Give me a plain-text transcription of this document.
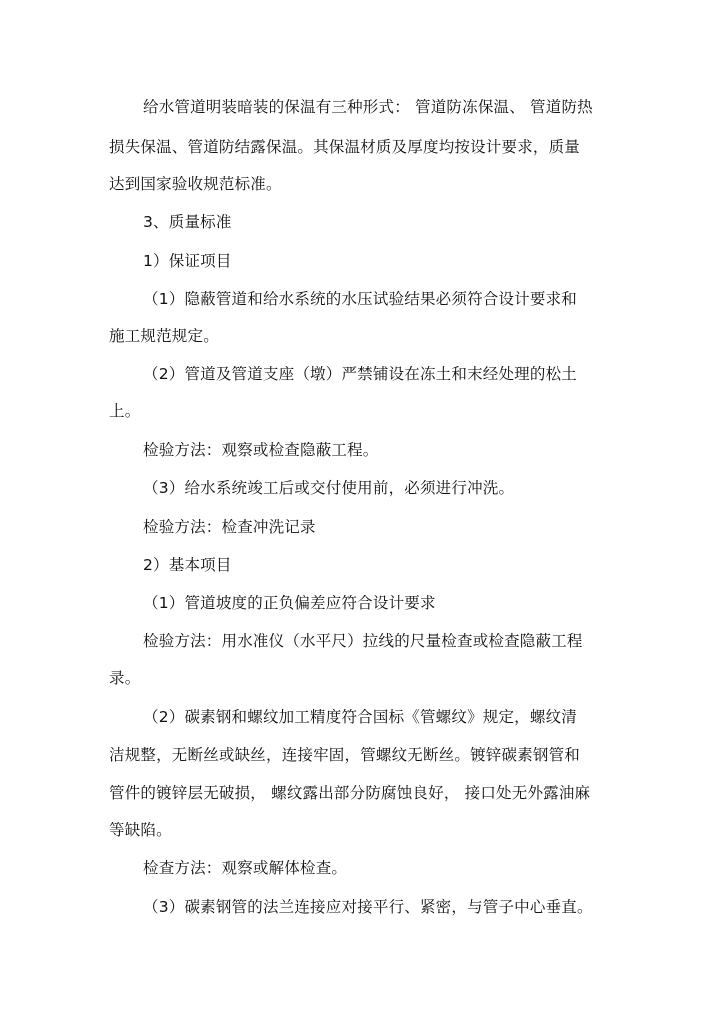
给水管道明装暗装的保温有三种形式： 管道防冻保温、 管道防热
损失保温、管道防结露保温。其保温材质及厚度均按设计要求，质量
达到国家验收规范标准。
3、质量标准
1）保证项目
（1）隐蔽管道和给水系统的水压试验结果必须符合设计要求和
施工规范规定。
（2）管道及管道支座（墩）严禁铺设在冻土和末经处理的松土
上。
检验方法：观察或检查隐蔽工程。
（3）给水系统竣工后或交付使用前，必须进行冲洗。
检验方法：检查冲洗记录
2）基本项目
（1）管道坡度的正负偏差应符合设计要求
检验方法：用水准仪（水平尺）拉线的尺量检查或检查隐蔽工程
录。
（2）碳素钢和螺纹加工精度符合国标《管螺纹》规定，螺纹清
洁规整，无断丝或缺丝，连接牢固，管螺纹无断丝。镀锌碳素钢管和
管件的镀锌层无破损， 螺纹露出部分防腐蚀良好， 接口处无外露油麻
等缺陷。
检查方法：观察或解体检查。
（3）碳素钢管的法兰连接应对接平行、紧密，与管子中心垂直。
